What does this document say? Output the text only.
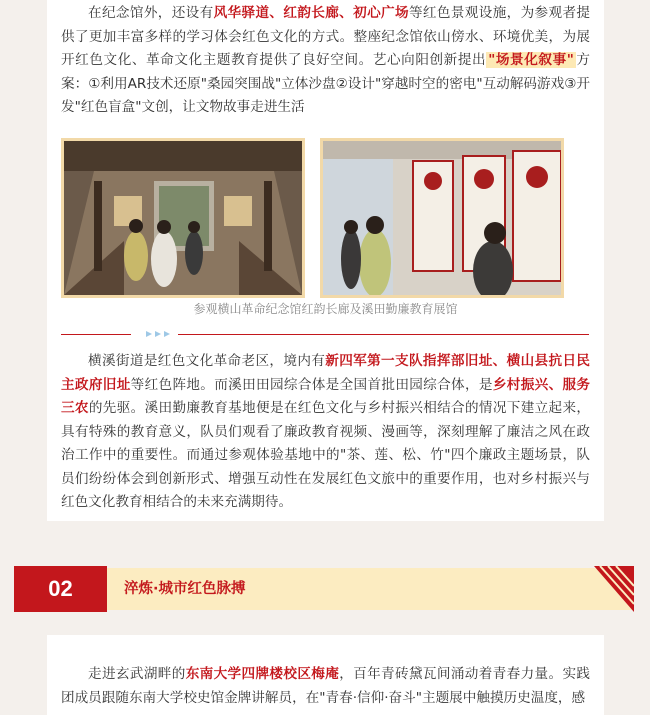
在纪念馆外，还设有风华驿道、红韵长廊、初心广场等红色景观设施，为参观者提供了更加丰富多样的学习体会红色文化的方式。整座纪念馆依山傍水、环境优美，为展开红色文化、革命文化主题教育提供了良好空间。艺心向阳创新提出 "场景化叙事" 方案：①利用AR技术还原"桑园突围战"立体沙盘②设计"穿越时空的密电"互动解码游戏③开发"红色盲盒"文创，让文物故事走进生活

参观横山革命纪念馆红韵长廊及溪田勤廉教育展馆

横溪街道是红色文化革命老区，境内有新四军第一支队指挥部旧址、横山县抗日民主政府旧址等红色阵地。而溪田田园综合体是全国首批田园综合体，是乡村振兴、服务三农的先驱。溪田勤廉教育基地便是在红色文化与乡村振兴相结合的情况下建立起来，具有特殊的教育意义，队员们观看了廉政教育视频、漫画等，深刻理解了廉洁之风在政治工作中的重要性。而通过参观体验基地中的"茶、莲、松、竹"四个廉政主题场景，队员们纷纷体会到创新形式、增强互动性在发展红色文旅中的重要作用，也对乡村振兴与红色文化教育相结合的未来充满期待。

02	淬炼·城市红色脉搏

走进玄武湖畔的东南大学四牌楼校区梅庵，百年青砖黛瓦间涌动着青春力量。实践团成员跟随东南大学校史馆金牌讲解员，在"青春·信仰·奋斗"主题展中触摸历史温度，感
